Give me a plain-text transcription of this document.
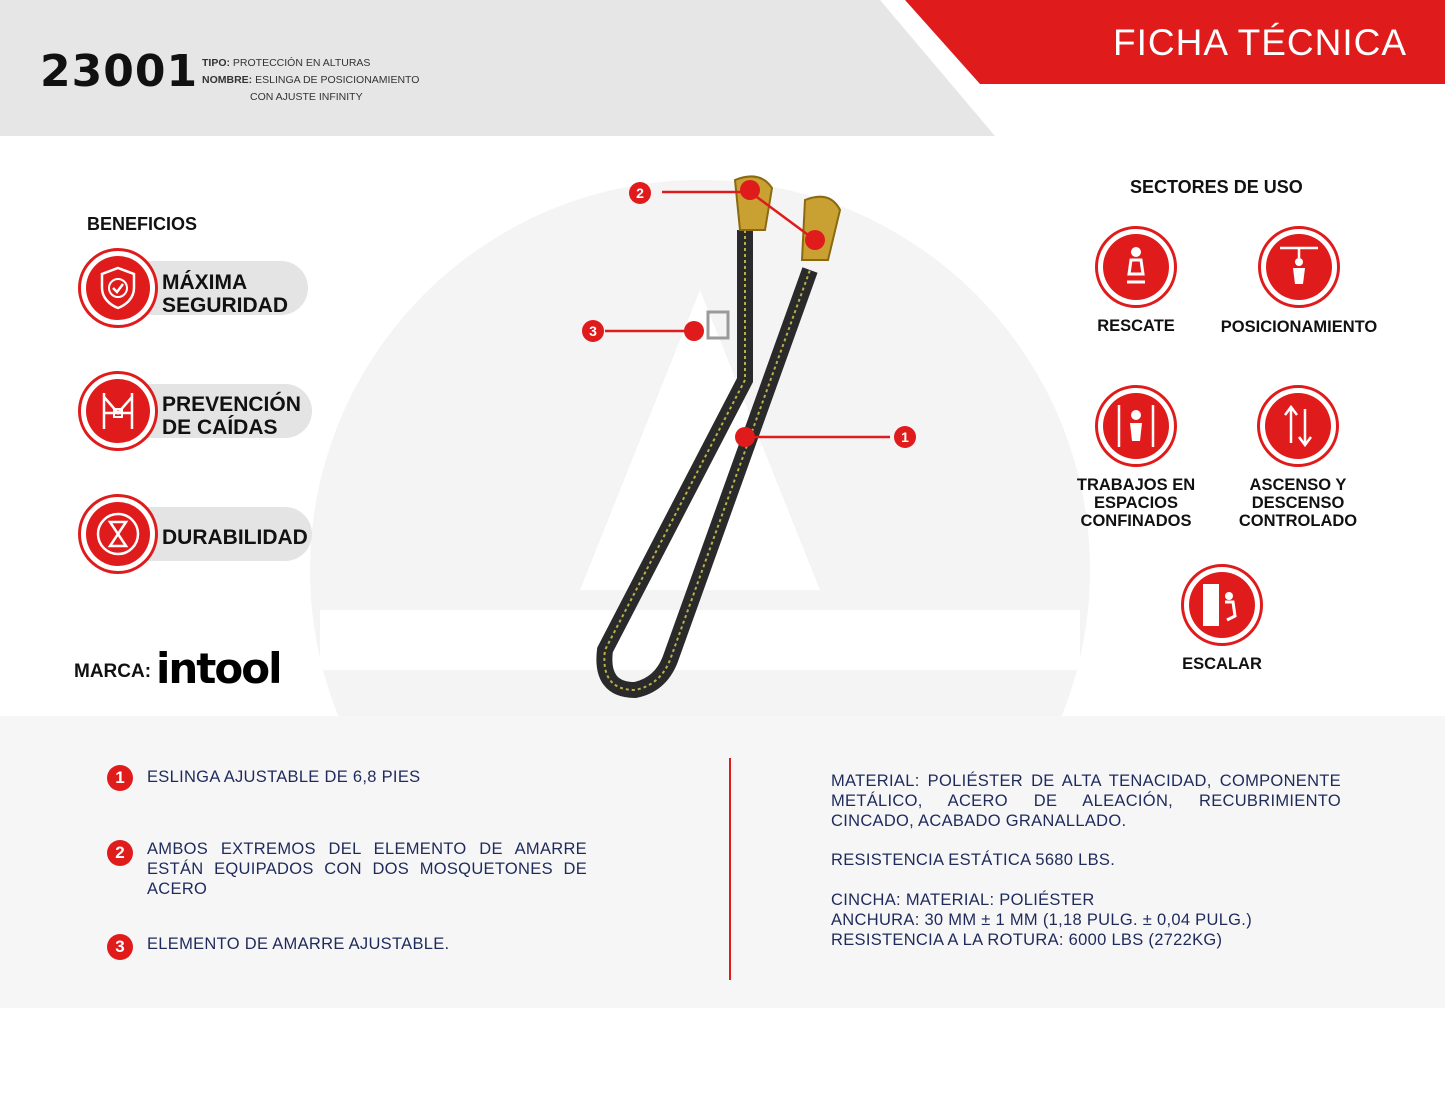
23001 TIPO: PROTECCIÓN EN ALTURAS
NOMBRE: ESLINGA DE POSICIONAMIENTO
CON AJUSTE INFINITY
FICHA TÉCNICA
BENEFICIOS
MÁXIMA
SEGURIDAD
PREVENCIÓN
DE CAÍDAS
DURABILIDAD
MARCA: intool
2
3
1
SECTORES DE USO
RESCATE	POSICIONAMIENTO
TRABAJOS EN
ESPACIOS
CONFINADOS
ASCENSO Y
DESCENSO
CONTROLADO
ESCALAR
1	ESLINGA AJUSTABLE DE 6,8 PIES
2	AMBOS EXTREMOS DEL ELEMENTO DE AMARRE ESTÁN EQUIPADOS CON DOS MOSQUETONES DE ACERO
3	ELEMENTO DE AMARRE AJUSTABLE.
MATERIAL: POLIÉSTER DE ALTA TENACIDAD, COMPONENTE METÁLICO, ACERO DE ALEACIÓN, RECUBRIMIENTO CINCADO, ACABADO GRANALLADO.
RESISTENCIA ESTÁTICA 5680 LBS.
CINCHA: MATERIAL: POLIÉSTER
ANCHURA: 30 MM ± 1 MM (1,18 PULG. ± 0,04 PULG.)
RESISTENCIA A LA ROTURA: 6000 LBS (2722KG)
